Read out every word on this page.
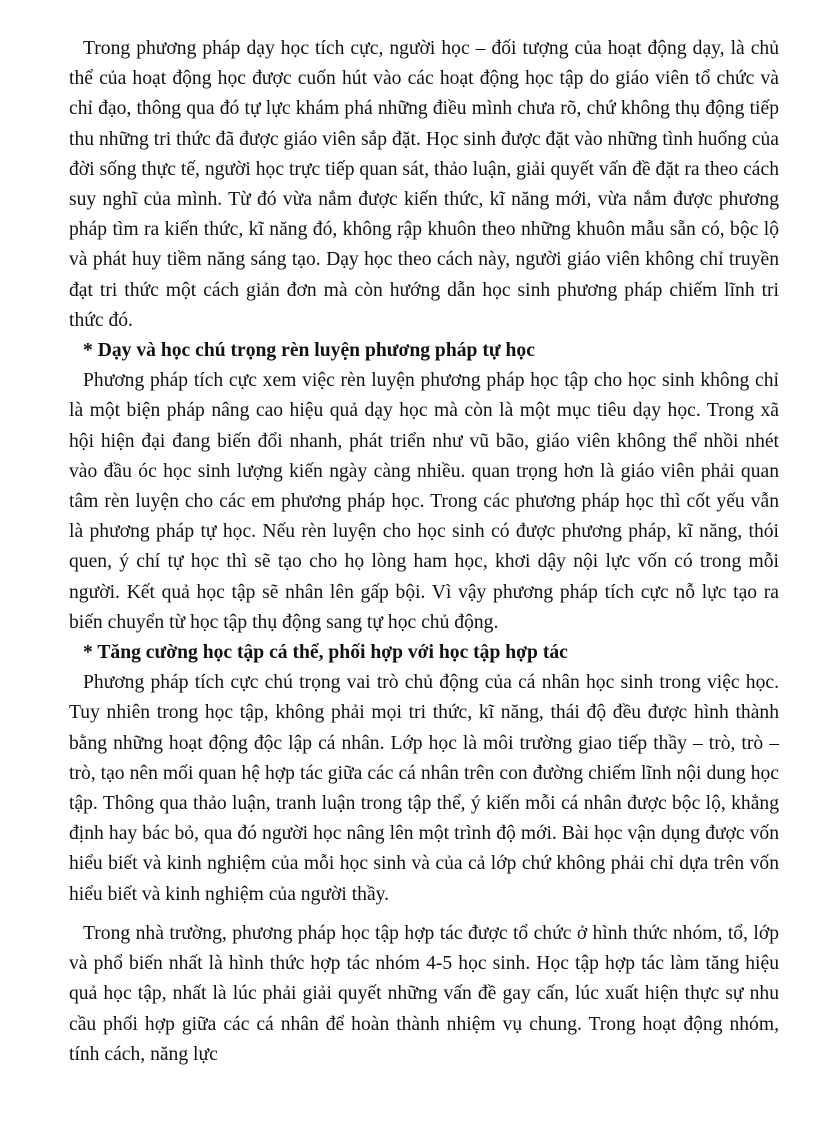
Trong phương pháp dạy học tích cực, người học – đối tượng của hoạt động dạy, là chủ thể của hoạt động học được cuốn hút vào các hoạt động học tập do giáo viên tổ chức và chỉ đạo, thông qua đó tự lực khám phá những điều mình chưa rõ, chứ không thụ động tiếp thu những tri thức đã được giáo viên sắp đặt. Học sinh được đặt vào những tình huống của đời sống thực tế, người học trực tiếp quan sát, thảo luận, giải quyết vấn đề đặt ra theo cách suy nghĩ của mình. Từ đó vừa nắm được kiến thức, kĩ năng mới, vừa nắm được phương pháp tìm ra kiến thức, kĩ năng đó, không rập khuôn theo những khuôn mẫu sẵn có, bộc lộ và phát huy tiềm năng sáng tạo. Dạy học theo cách này, người giáo viên không chỉ truyền đạt tri thức một cách giản đơn mà còn hướng dẫn học sinh phương pháp chiếm lĩnh tri thức đó.

* Dạy và học chú trọng rèn luyện phương pháp tự học

Phương pháp tích cực xem việc rèn luyện phương pháp học tập cho học sinh không chỉ là một biện pháp nâng cao hiệu quả dạy học mà còn là một mục tiêu dạy học. Trong xã hội hiện đại đang biến đổi nhanh, phát triển như vũ bão, giáo viên không thể nhồi nhét vào đầu óc học sinh lượng kiến ngày càng nhiều. quan trọng hơn là giáo viên phải quan tâm rèn luyện cho các em phương pháp học. Trong các phương pháp học thì cốt yếu vẫn là phương pháp tự học. Nếu rèn luyện cho học sinh có được phương pháp, kĩ năng, thói quen, ý chí tự học thì sẽ tạo cho họ lòng ham học, khơi dậy nội lực vốn có trong mỗi người. Kết quả học tập sẽ nhân lên gấp bội. Vì vậy phương pháp tích cực nỗ lực tạo ra biến chuyển từ học tập thụ động sang tự học chủ động.

* Tăng cường học tập cá thể, phối hợp với học tập hợp tác

Phương pháp tích cực chú trọng vai trò chủ động của cá nhân học sinh trong việc học. Tuy nhiên trong học tập, không phải mọi tri thức, kĩ năng, thái độ đều được hình thành bằng những hoạt động độc lập cá nhân. Lớp học là môi trường giao tiếp thầy – trò, trò – trò, tạo nên mối quan hệ hợp tác giữa các cá nhân trên con đường chiếm lĩnh nội dung học tập. Thông qua thảo luận, tranh luận trong tập thể, ý kiến mỗi cá nhân được bộc lộ, khẳng định hay bác bỏ, qua đó người học nâng lên một trình độ mới. Bài học vận dụng được vốn hiểu biết và kinh nghiệm của mỗi học sinh và của cả lớp chứ không phải chỉ dựa trên vốn hiểu biết và kinh nghiệm của người thầy.

Trong nhà trường, phương pháp học tập hợp tác được tổ chức ở hình thức nhóm, tổ, lớp và phổ biến nhất là hình thức hợp tác nhóm 4-5 học sinh. Học tập hợp tác làm tăng hiệu quả học tập, nhất là lúc phải giải quyết những vấn đề gay cấn, lúc xuất hiện thực sự nhu cầu phối hợp giữa các cá nhân để hoàn thành nhiệm vụ chung. Trong hoạt động nhóm, tính cách, năng lực
